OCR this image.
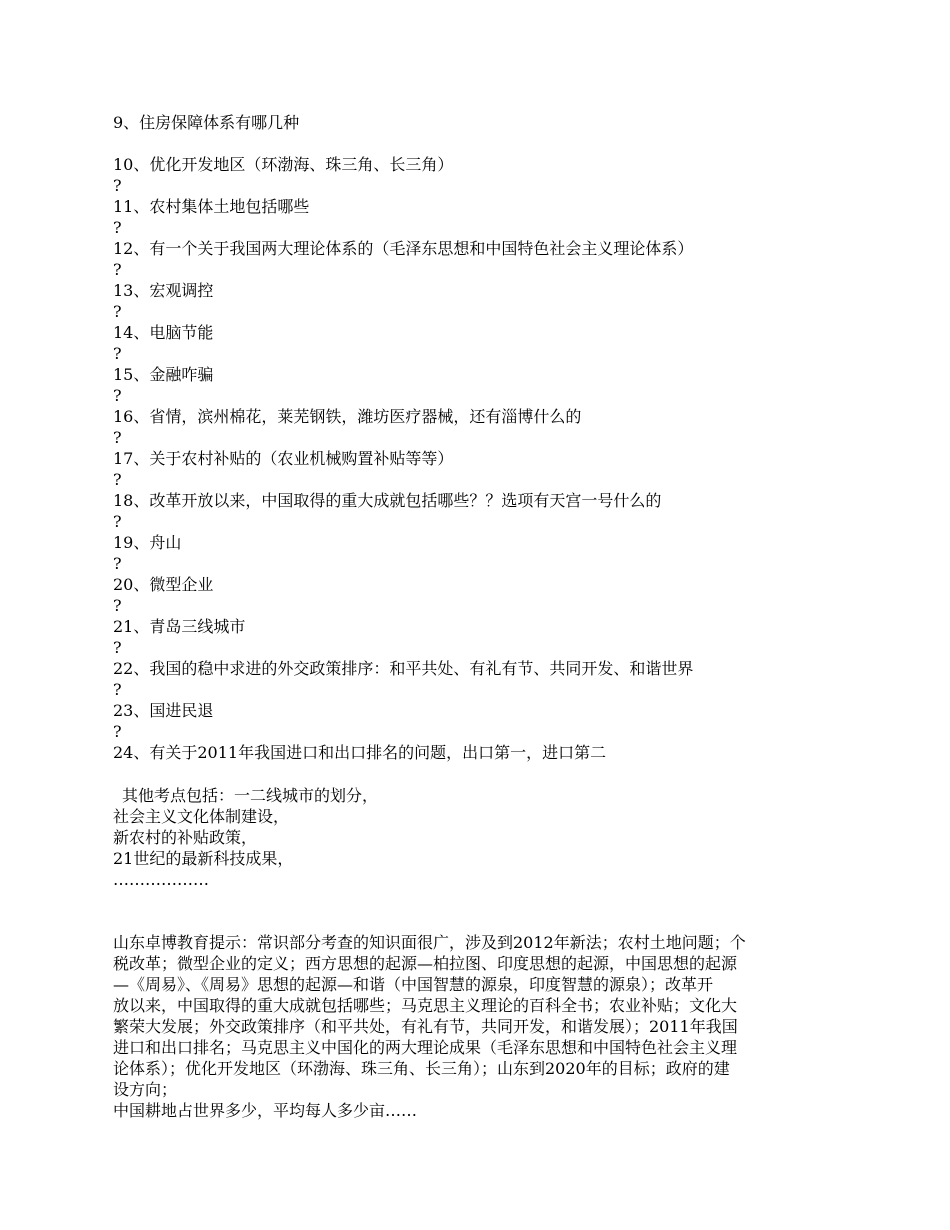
9、住房保障体系有哪几种
10、优化开发地区（环渤海、珠三角、长三角）
?
11、农村集体土地包括哪些
?
12、有一个关于我国两大理论体系的（毛泽东思想和中国特色社会主义理论体系）
?
13、宏观调控
?
14、电脑节能
?
15、金融咋骗
?
16、省情，滨州棉花，莱芜钢铁，潍坊医疗器械，还有淄博什么的
?
17、关于农村补贴的（农业机械购置补贴等等）
?
18、改革开放以来，中国取得的重大成就包括哪些？？选项有天宫一号什么的
?
19、舟山
?
20、微型企业
?
21、青岛三线城市
?
22、我国的稳中求进的外交政策排序：和平共处、有礼有节、共同开发、和谐世界
?
23、国进民退
?
24、有关于2011年我国进口和出口排名的问题，出口第一，进口第二
其他考点包括：一二线城市的划分，
社会主义文化体制建设，
新农村的补贴政策，
21世纪的最新科技成果，
………………
山东卓博教育提示：常识部分考查的知识面很广，涉及到2012年新法；农村土地问题；个
税改革；微型企业的定义；西方思想的起源—柏拉图、印度思想的起源，中国思想的起源
—《周易》、《周易》思想的起源—和谐（中国智慧的源泉，印度智慧的源泉）；改革开
放以来，中国取得的重大成就包括哪些；马克思主义理论的百科全书；农业补贴；文化大
繁荣大发展；外交政策排序（和平共处，有礼有节，共同开发，和谐发展）；2011年我国
进口和出口排名；马克思主义中国化的两大理论成果（毛泽东思想和中国特色社会主义理
论体系）；优化开发地区（环渤海、珠三角、长三角）；山东到2020年的目标；政府的建
设方向；
中国耕地占世界多少，平均每人多少亩……
